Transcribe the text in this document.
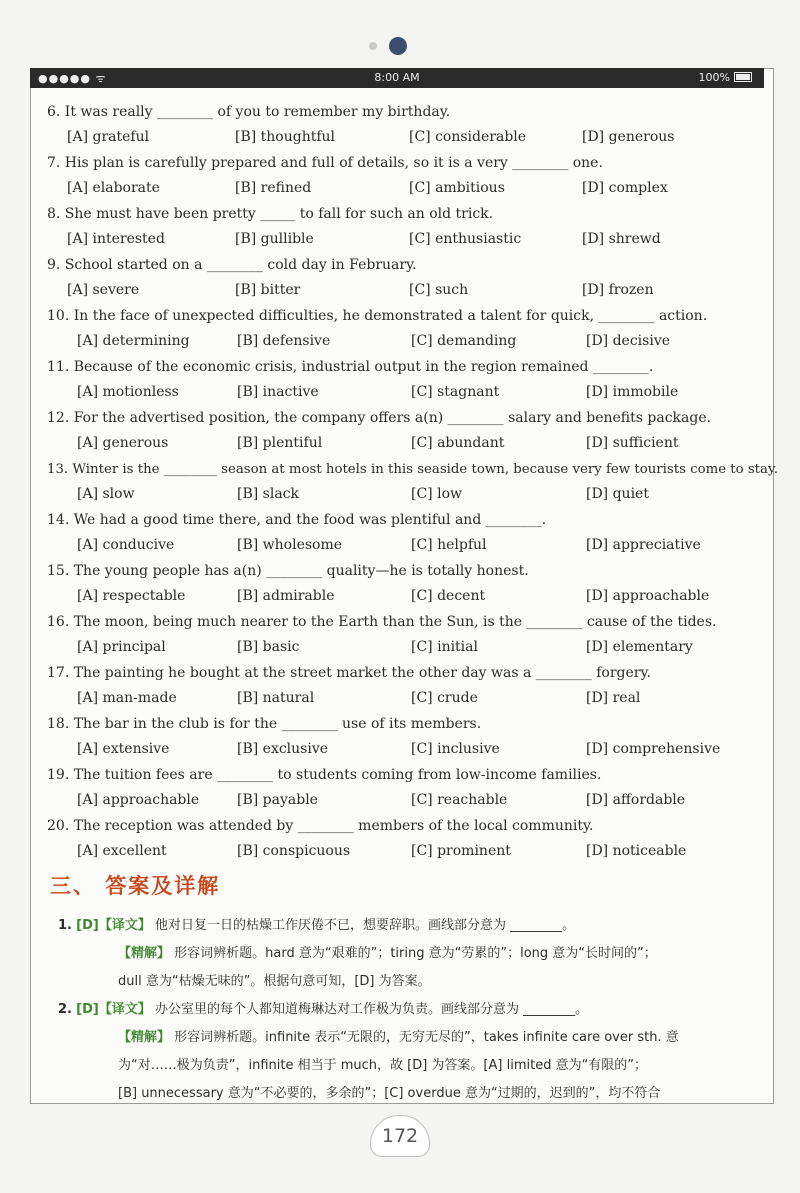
●●●●● ᯤ	8:00 AM	100%
6. It was really ________ of you to remember my birthday.
[A] grateful	[B] thoughtful	[C] considerable	[D] generous
7. His plan is carefully prepared and full of details, so it is a very ________ one.
[A] elaborate	[B] refined	[C] ambitious	[D] complex
8. She must have been pretty _____ to fall for such an old trick.
[A] interested	[B] gullible	[C] enthusiastic	[D] shrewd
9. School started on a ________ cold day in February.
[A] severe	[B] bitter	[C] such	[D] frozen
10. In the face of unexpected difficulties, he demonstrated a talent for quick, ________ action.
[A] determining	[B] defensive	[C] demanding	[D] decisive
11. Because of the economic crisis, industrial output in the region remained ________.
[A] motionless	[B] inactive	[C] stagnant	[D] immobile
12. For the advertised position, the company offers a(n) ________ salary and benefits package.
[A] generous	[B] plentiful	[C] abundant	[D] sufficient
13. Winter is the ________ season at most hotels in this seaside town, because very few tourists come to stay.
[A] slow	[B] slack	[C] low	[D] quiet
14. We had a good time there, and the food was plentiful and ________.
[A] conducive	[B] wholesome	[C] helpful	[D] appreciative
15. The young people has a(n) ________ quality—he is totally honest.
[A] respectable	[B] admirable	[C] decent	[D] approachable
16. The moon, being much nearer to the Earth than the Sun, is the ________ cause of the tides.
[A] principal	[B] basic	[C] initial	[D] elementary
17. The painting he bought at the street market the other day was a ________ forgery.
[A] man-made	[B] natural	[C] crude	[D] real
18. The bar in the club is for the ________ use of its members.
[A] extensive	[B] exclusive	[C] inclusive	[D] comprehensive
19. The tuition fees are ________ to students coming from low-income families.
[A] approachable	[B] payable	[C] reachable	[D] affordable
20. The reception was attended by ________ members of the local community.
[A] excellent	[B] conspicuous	[C] prominent	[D] noticeable
三、 答案及详解
1. [D]【译文】 他对日复一日的枯燥工作厌倦不已，想要辞职。画线部分意为 ________。
【精解】 形容词辨析题。hard 意为“艰难的”；tiring 意为“劳累的”；long 意为“长时间的”；
dull 意为“枯燥无味的”。根据句意可知，[D] 为答案。
2. [D]【译文】 办公室里的每个人都知道梅琳达对工作极为负责。画线部分意为 ________。
【精解】 形容词辨析题。infinite 表示“无限的，无穷无尽的”，takes infinite care over sth. 意
为“对……极为负责”，infinite 相当于 much，故 [D] 为答案。[A] limited 意为“有限的”；
[B] unnecessary 意为“不必要的，多余的”；[C] overdue 意为“过期的，迟到的”，均不符合
172
